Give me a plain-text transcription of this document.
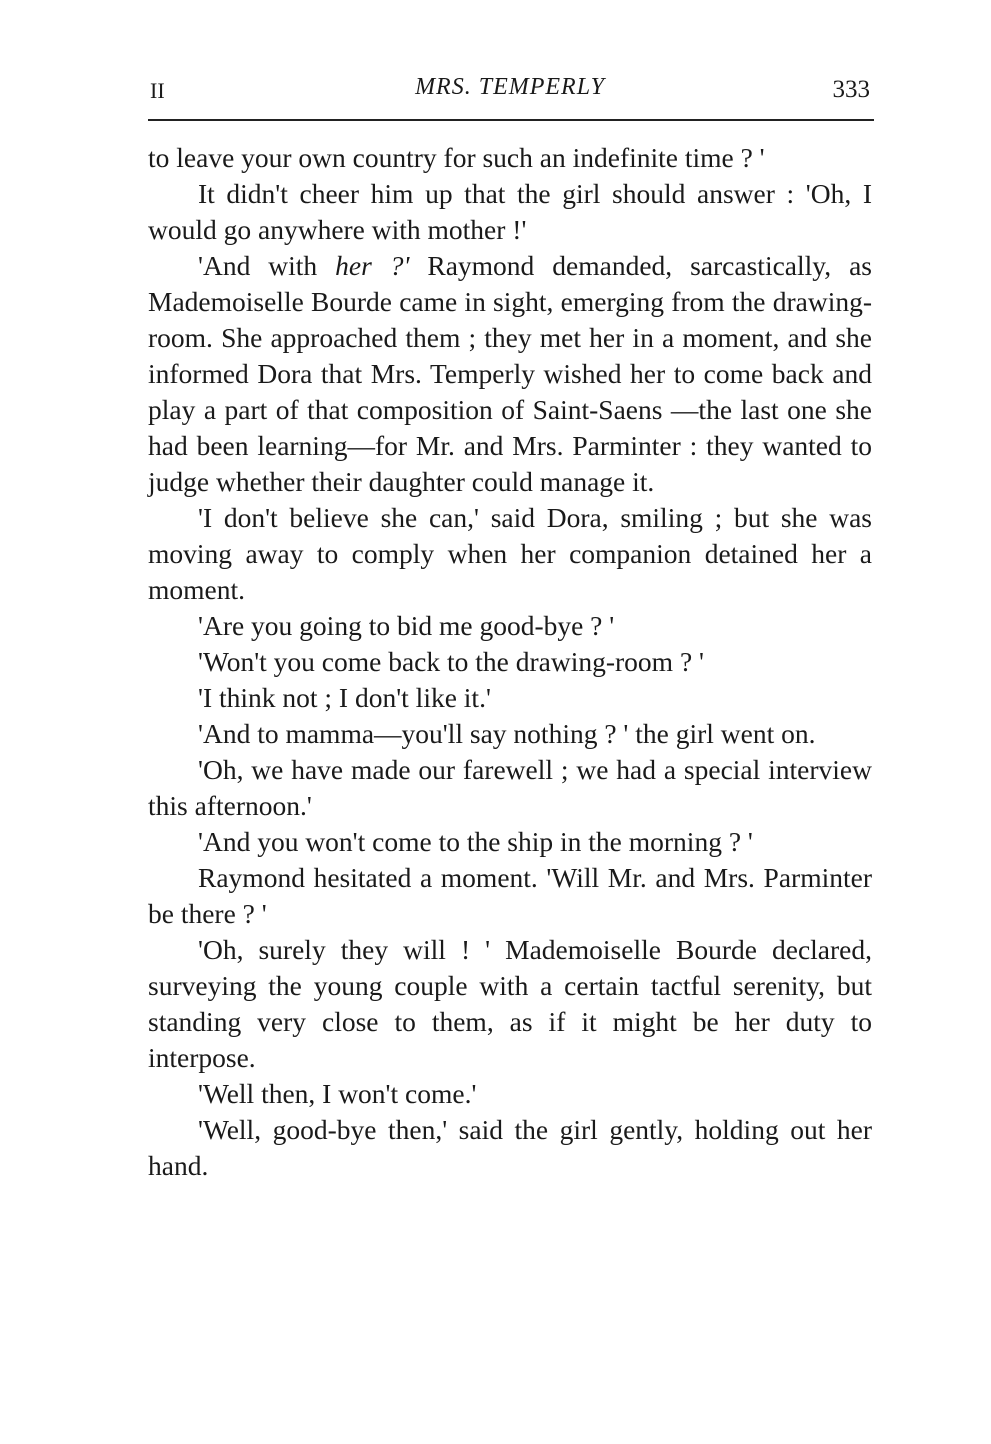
II	MRS. TEMPERLY	333

to leave your own country for such an indefinite time ? '

It didn't cheer him up that the girl should answer : 'Oh, I would go anywhere with mother !'

'And with her ?' Raymond demanded, sarcastically, as Mademoiselle Bourde came in sight, emerging from the drawing-room. She approached them ; they met her in a moment, and she informed Dora that Mrs. Temperly wished her to come back and play a part of that composition of Saint-Saens —the last one she had been learning—for Mr. and Mrs. Parminter : they wanted to judge whether their daughter could manage it.

'I don't believe she can,' said Dora, smiling ; but she was moving away to comply when her companion detained her a moment.

'Are you going to bid me good-bye ? '

'Won't you come back to the drawing-room ? '

'I think not ; I don't like it.'

'And to mamma—you'll say nothing ? ' the girl went on.

'Oh, we have made our farewell ; we had a special interview this afternoon.'

'And you won't come to the ship in the morning ? '

Raymond hesitated a moment. 'Will Mr. and Mrs. Parminter be there ? '

'Oh, surely they will ! ' Mademoiselle Bourde declared, surveying the young couple with a certain tactful serenity, but standing very close to them, as if it might be her duty to interpose.

'Well then, I won't come.'

'Well, good-bye then,' said the girl gently, holding out her hand.
